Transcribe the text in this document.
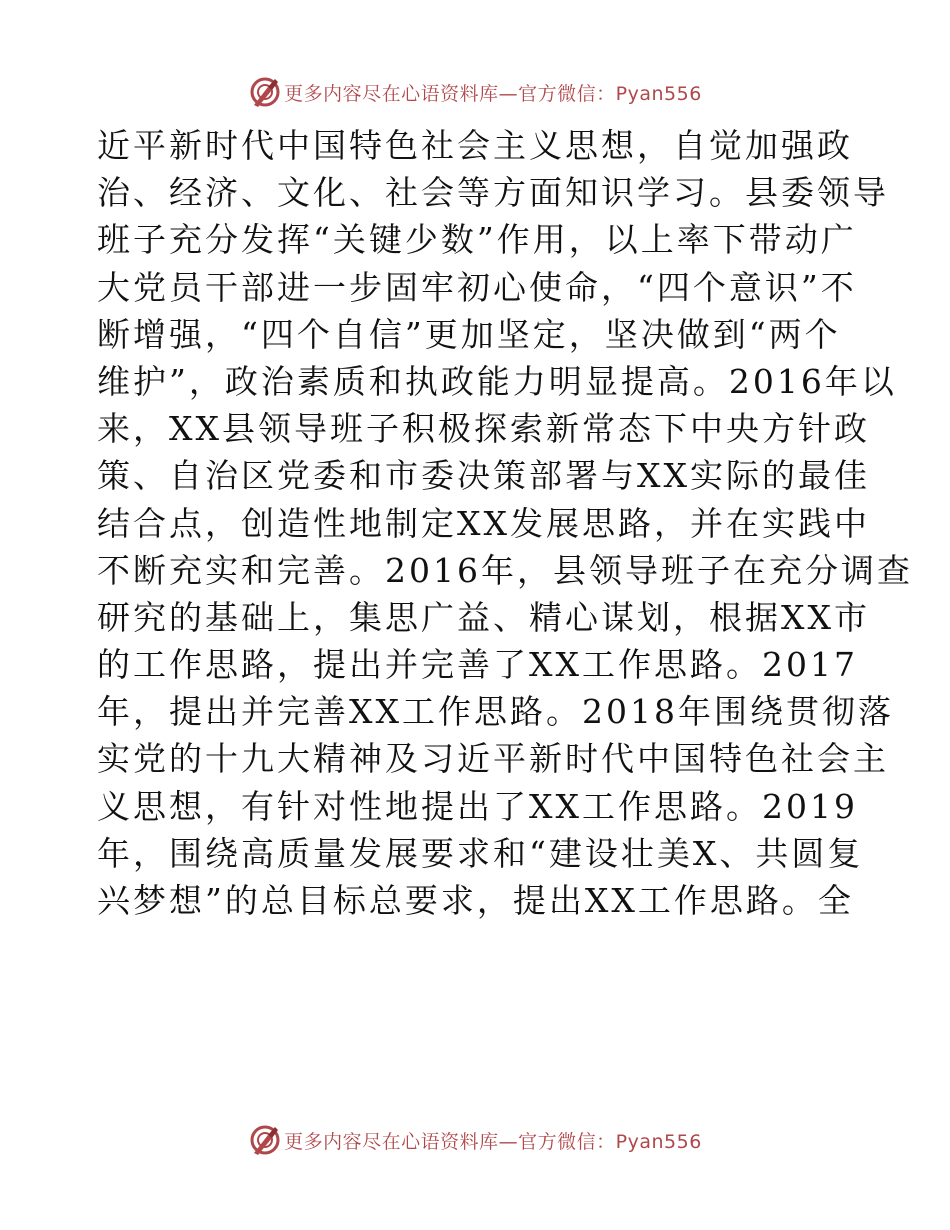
更多内容尽在心语资料库—官方微信：Pyan556
近平新时代中国特色社会主义思想，自觉加强政
治、经济、文化、社会等方面知识学习。县委领导
班子充分发挥“关键少数”作用，以上率下带动广
大党员干部进一步固牢初心使命，“四个意识”不
断增强，“四个自信”更加坚定，坚决做到“两个
维护”，政治素质和执政能力明显提高。2016年以
来，XX县领导班子积极探索新常态下中央方针政
策、自治区党委和市委决策部署与XX实际的最佳
结合点，创造性地制定XX发展思路，并在实践中
不断充实和完善。2016年，县领导班子在充分调查
研究的基础上，集思广益、精心谋划，根据XX市
的工作思路，提出并完善了XX工作思路。2017
年，提出并完善XX工作思路。2018年围绕贯彻落
实党的十九大精神及习近平新时代中国特色社会主
义思想，有针对性地提出了XX工作思路。2019
年，围绕高质量发展要求和“建设壮美X、共圆复
兴梦想”的总目标总要求，提出XX工作思路。全
更多内容尽在心语资料库—官方微信：Pyan556
